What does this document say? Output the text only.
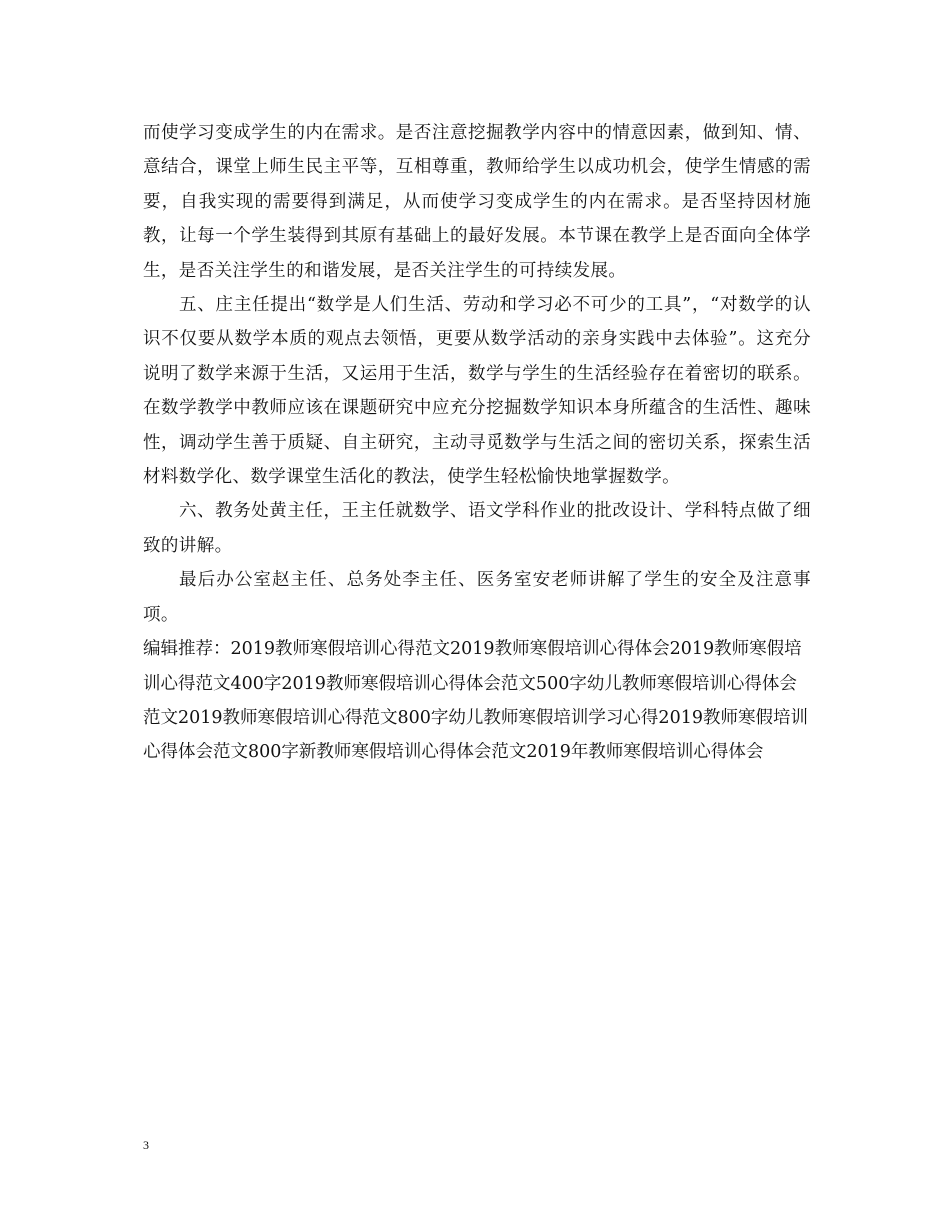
而使学习变成学生的内在需求。是否注意挖掘教学内容中的情意因素，做到知、情、意结合，课堂上师生民主平等，互相尊重，教师给学生以成功机会，使学生情感的需要，自我实现的需要得到满足，从而使学习变成学生的内在需求。是否坚持因材施教，让每一个学生装得到其原有基础上的最好发展。本节课在教学上是否面向全体学生，是否关注学生的和谐发展，是否关注学生的可持续发展。

五、庄主任提出“数学是人们生活、劳动和学习必不可少的工具”，“对数学的认识不仅要从数学本质的观点去领悟，更要从数学活动的亲身实践中去体验”。这充分说明了数学来源于生活，又运用于生活，数学与学生的生活经验存在着密切的联系。在数学教学中教师应该在课题研究中应充分挖掘数学知识本身所蕴含的生活性、趣味性，调动学生善于质疑、自主研究，主动寻觅数学与生活之间的密切关系，探索生活材料数学化、数学课堂生活化的教法，使学生轻松愉快地掌握数学。

六、教务处黄主任，王主任就数学、语文学科作业的批改设计、学科特点做了细致的讲解。

最后办公室赵主任、总务处李主任、医务室安老师讲解了学生的安全及注意事项。

编辑推荐：2019教师寒假培训心得范文2019教师寒假培训心得体会2019教师寒假培训心得范文400字2019教师寒假培训心得体会范文500字幼儿教师寒假培训心得体会范文2019教师寒假培训心得范文800字幼儿教师寒假培训学习心得2019教师寒假培训心得体会范文800字新教师寒假培训心得体会范文2019年教师寒假培训心得体会

3
